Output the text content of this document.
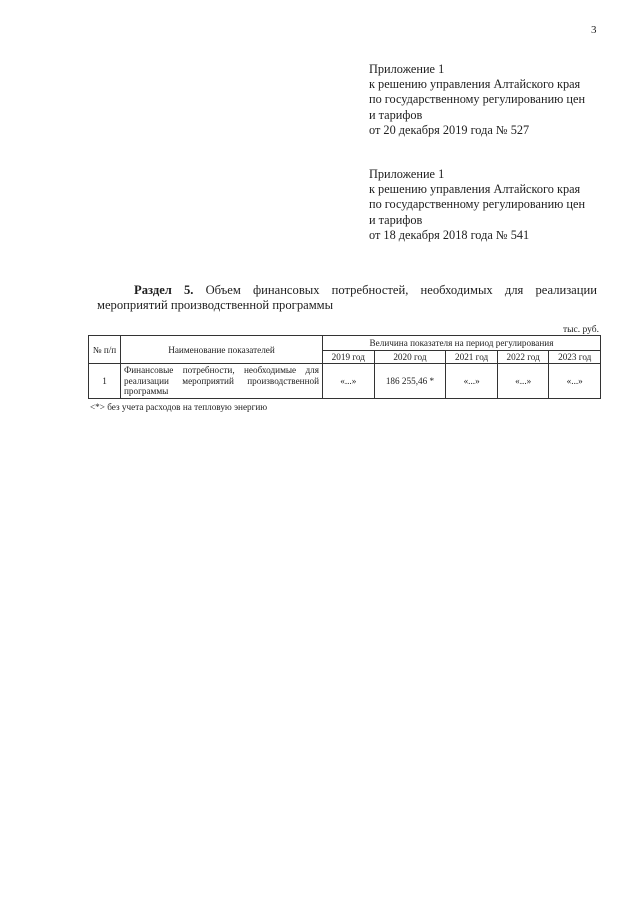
3
Приложение 1
к решению управления Алтайского края
по государственному регулированию цен
и тарифов
от 20 декабря 2019 года № 527
Приложение 1
к решению управления Алтайского края
по государственному регулированию цен
и тарифов
от 18 декабря 2018 года № 541
Раздел 5. Объем финансовых потребностей, необходимых для реализации
мероприятий производственной программы
тыс. руб.
№ п/п	Наименование показателей	Величина показателя на период регулирования				
		2019 год	2020 год	2021 год	2022 год	2023 год
1	Финансовые потребности, необходимые для реализации мероприятий производственной программы	«...»	186 255,46 *	«...»	«...»	«...»
<*> без учета расходов на тепловую энергию
